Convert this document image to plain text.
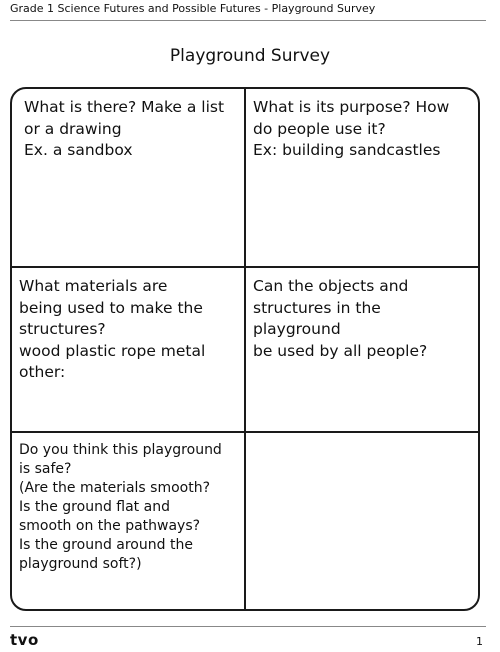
Grade 1 Science Futures and Possible Futures - Playground Survey
Playground Survey
What is there? Make a list
or a drawing
Ex. a sandbox
What is its purpose? How
do people use it?
Ex: building sandcastles
What materials are
being used to make the
structures?
wood plastic rope metal
other:
Can the objects and
structures in the playground
be used by all people?
Do you think this playground
is safe?
(Are the materials smooth?
Is the ground flat and
smooth on the pathways?
Is the ground around the
playground soft?)
tvo	1
